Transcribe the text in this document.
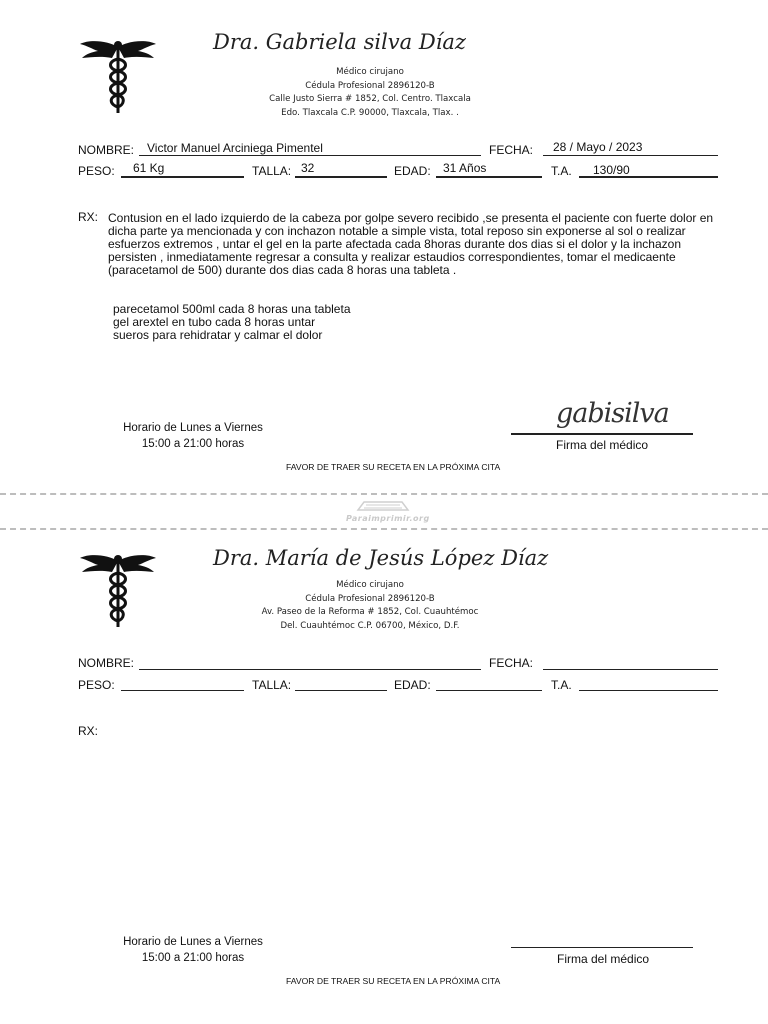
Dra. Gabriela silva Díaz
Médico cirujano
Cédula Profesional 2896120-B
Calle Justo Sierra # 1852, Col. Centro. Tlaxcala
Edo. Tlaxcala C.P. 90000, Tlaxcala, Tlax. .
NOMBRE: Victor Manuel Arciniega Pimentel	FECHA: 28 / Mayo / 2023
PESO: 61 Kg	TALLA: 32	EDAD: 31 Años	T.A. 130/90
RX: Contusion en el lado izquierdo de la cabeza por golpe severo recibido ,se presenta el paciente con fuerte dolor en dicha parte ya mencionada y con inchazon notable a simple vista, total reposo sin exponerse al sol o realizar esfuerzos extremos , untar el gel en la parte afectada cada 8horas durante dos dias si el dolor y la inchazon persisten , inmediatamente regresar a consulta y realizar estaudios correspondientes, tomar el medicaente (paracetamol de 500) durante dos dias cada 8 horas una tableta .
parecetamol 500ml cada 8 horas una tableta
gel arextel en tubo cada 8 horas untar
sueros para rehidratar y calmar el dolor
Horario de Lunes a Viernes
15:00 a 21:00 horas
gabisilva
Firma del médico
FAVOR DE TRAER SU RECETA EN LA PRÓXIMA CITA
Paraimprimir.org
Dra. María de Jesús López Díaz
Médico cirujano
Cédula Profesional 2896120-B
Av. Paseo de la Reforma # 1852, Col. Cuauhtémoc
Del. Cuauhtémoc C.P. 06700, México, D.F.
NOMBRE:	FECHA:
PESO:	TALLA:	EDAD:	T.A.
RX:
Horario de Lunes a Viernes
15:00 a 21:00 horas	Firma del médico
FAVOR DE TRAER SU RECETA EN LA PRÓXIMA CITA
